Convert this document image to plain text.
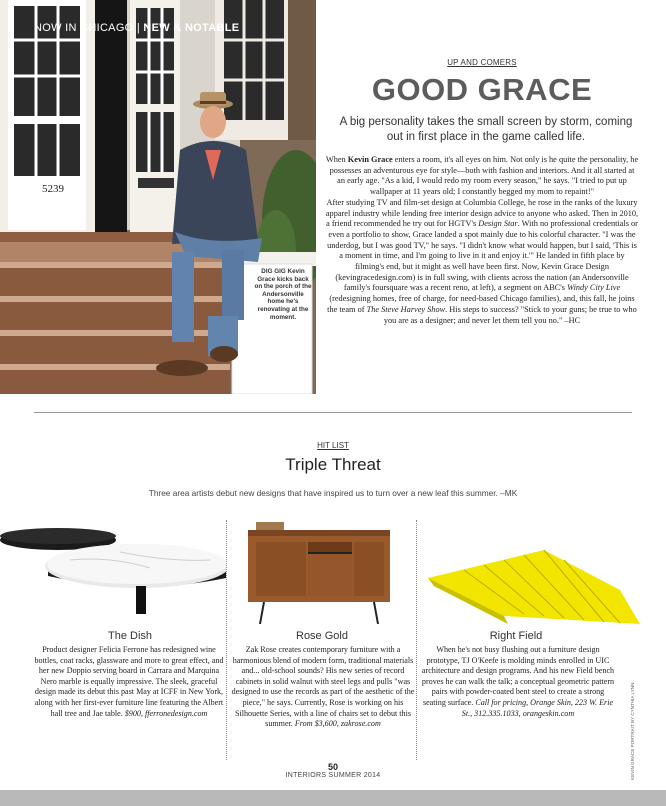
5239
NOW IN CHICAGO | NEW & NOTABLE
DIG GIG Kevin Grace kicks back on the porch of the Andersonville home he's renovating at the moment.
UP AND COMERS
GOOD GRACE
A big personality takes the small screen by storm, coming out in first place in the game called life.
When Kevin Grace enters a room, it's all eyes on him. Not only is he quite the personality, he possesses an adventurous eye for style—both with fashion and interiors. And it all started at an early age. "As a kid, I would redo my room every season," he says. "I tried to put up wallpaper at 11 years old; I constantly begged my mom to repaint!"
After studying TV and film-set design at Columbia College, he rose in the ranks of the luxury apparel industry while lending free interior design advice to anyone who asked. Then in 2010, a friend recommended he try out for HGTV's Design Star. With no professional credentials or even a portfolio to show, Grace landed a spot mainly due to his colorful character. "I was the underdog, but I was good TV," he says. "I didn't know what would happen, but I said, 'This is a moment in time, and I'm going to live in it and enjoy it.'" He landed in fifth place by filming's end, but it might as well have been first. Now, Kevin Grace Design (kevingracedesign.com) is in full swing, with clients across the nation (an Andersonville family's foursquare was a recent reno, at left), a segment on ABC's Windy City Live (redesigning homes, free of charge, for need-based Chicago families), and, this fall, he joins the team of The Steve Harvey Show. His steps to success? "Stick to your guns; be true to who you are as a designer; and never let them tell you no." –HC
HIT LIST
Triple Threat
Three area artists debut new designs that have inspired us to turn over a new leaf this summer. –MK
The Dish
Product designer Felicia Ferrone has redesigned wine bottles, coat racks, glassware and more to great effect, and her new Doppio serving board in Carrara and Marquina Nero marble is equally impressive. The sleek, graceful design made its debut this past May at ICFF in New York, along with her first-ever furniture line featuring the Albert hall tree and Jae table. $900, fferronedesign.com
Rose Gold
Zak Rose creates contemporary furniture with a harmonious blend of modern form, traditional materials and... old-school sounds? His new series of record cabinets in solid walnut with steel legs and pulls "was designed to use the records as part of the aesthetic of the piece," he says. Currently, Rose is working on his Silhouette Series, with a line of chairs set to debut this summer. From $3,600, zakrose.com
Right Field
When he's not busy flushing out a furniture design prototype, TJ O'Keefe is molding minds enrolled in UIC architecture and design programs. And his new Field bench proves he can walk the talk; a conceptual geometric pattern pairs with powder-coated bent steel to create a strong seating surface. Call for pricing, Orange Skin, 223 W. Erie St., 312.335.1033, orangeskin.com	KEVIN GRACE PORTRAIT BY CYNTHIA LYNN
50
INTERIORS SUMMER 2014
